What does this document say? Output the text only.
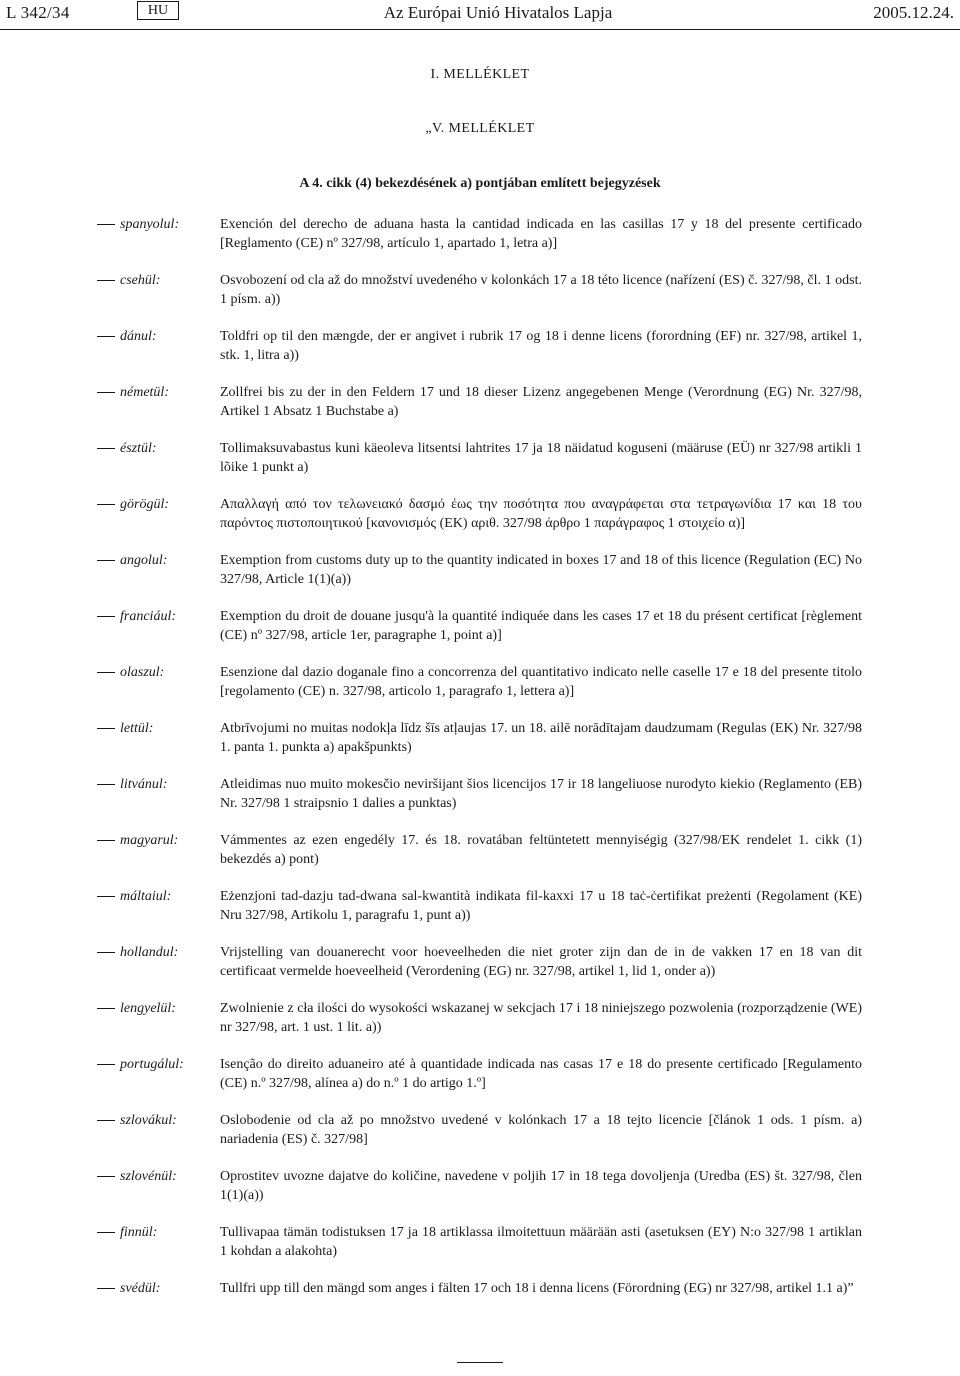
L 342/34	HU	Az Európai Unió Hivatalos Lapja	2005.12.24.
I. MELLÉKLET
„V. MELLÉKLET
A 4. cikk (4) bekezdésének a) pontjában említett bejegyzések
spanyolul:	Exención del derecho de aduana hasta la cantidad indicada en las casillas 17 y 18 del presente certificado [Reglamento (CE) nº 327/98, artículo 1, apartado 1, letra a)]
csehül:	Osvobození od cla až do množství uvedeného v kolonkách 17 a 18 této licence (nařízení (ES) č. 327/98, čl. 1 odst. 1 písm. a))
dánul:	Toldfri op til den mængde, der er angivet i rubrik 17 og 18 i denne licens (forordning (EF) nr. 327/98, artikel 1, stk. 1, litra a))
németül:	Zollfrei bis zu der in den Feldern 17 und 18 dieser Lizenz angegebenen Menge (Verordnung (EG) Nr. 327/98, Artikel 1 Absatz 1 Buchstabe a)
észtül:	Tollimaksuvabastus kuni käeoleva litsentsi lahtrites 17 ja 18 näidatud koguseni (määruse (EÜ) nr 327/98 artikli 1 lõike 1 punkt a)
görögül:	Απαλλαγή από τον τελωνειακό δασμό έως την ποσότητα που αναγράφεται στα τετραγωνίδια 17 και 18 του παρόντος πιστοποιητικού [κανονισμός (ΕΚ) αριθ. 327/98 άρθρο 1 παράγραφος 1 στοιχείο α)]
angolul:	Exemption from customs duty up to the quantity indicated in boxes 17 and 18 of this licence (Regulation (EC) No 327/98, Article 1(1)(a))
franciául:	Exemption du droit de douane jusqu'à la quantité indiquée dans les cases 17 et 18 du présent certificat [règlement (CE) nº 327/98, article 1er, paragraphe 1, point a)]
olaszul:	Esenzione dal dazio doganale fino a concorrenza del quantitativo indicato nelle caselle 17 e 18 del presente titolo [regolamento (CE) n. 327/98, articolo 1, paragrafo 1, lettera a)]
lettül:	Atbrīvojumi no muitas nodokļa līdz šīs atļaujas 17. un 18. ailē norādītajam daudzumam (Regulas (EK) Nr. 327/98 1. panta 1. punkta a) apakšpunkts)
litvánul:	Atleidimas nuo muito mokesčio neviršijant šios licencijos 17 ir 18 langeliuose nurodyto kiekio (Reglamento (EB) Nr. 327/98 1 straipsnio 1 dalies a punktas)
magyarul:	Vámmentes az ezen engedély 17. és 18. rovatában feltüntetett mennyiségig (327/98/EK rendelet 1. cikk (1) bekezdés a) pont)
máltaiul:	Eżenzjoni tad-dazju tad-dwana sal-kwantità indikata fil-kaxxi 17 u 18 taċ-ċertifikat preżenti (Regolament (KE) Nru 327/98, Artikolu 1, paragrafu 1, punt a))
hollandul:	Vrijstelling van douanerecht voor hoeveelheden die niet groter zijn dan de in de vakken 17 en 18 van dit certificaat vermelde hoeveelheid (Verordening (EG) nr. 327/98, artikel 1, lid 1, onder a))
lengyelül:	Zwolnienie z cła ilości do wysokości wskazanej w sekcjach 17 i 18 niniejszego pozwolenia (rozporządzenie (WE) nr 327/98, art. 1 ust. 1 lit. a))
portugálul:	Isenção do direito aduaneiro até à quantidade indicada nas casas 17 e 18 do presente certificado [Regulamento (CE) n.º 327/98, alínea a) do n.º 1 do artigo 1.º]
szlovákul:	Oslobodenie od cla až po množstvo uvedené v kolónkach 17 a 18 tejto licencie [článok 1 ods. 1 písm. a) nariadenia (ES) č. 327/98]
szlovénül:	Oprostitev uvozne dajatve do količine, navedene v poljih 17 in 18 tega dovoljenja (Uredba (ES) št. 327/98, člen 1(1)(a))
finnül:	Tullivapaa tämän todistuksen 17 ja 18 artiklassa ilmoitettuun määrään asti (asetuksen (EY) N:o 327/98 1 artiklan 1 kohdan a alakohta)
svédül:	Tullfri upp till den mängd som anges i fälten 17 och 18 i denna licens (Förordning (EG) nr 327/98, artikel 1.1 a)”
